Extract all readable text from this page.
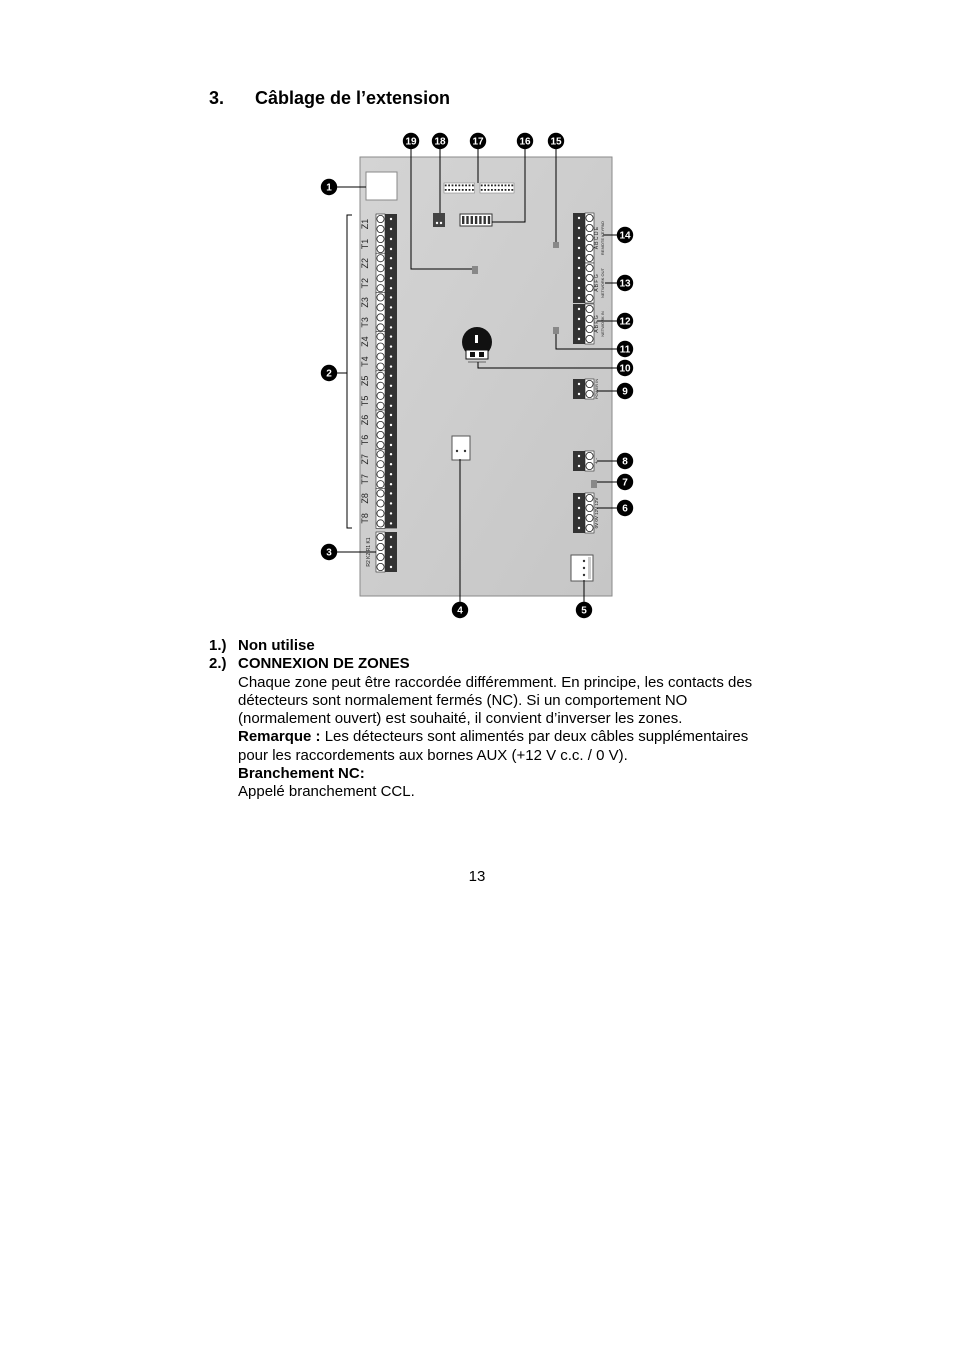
3. Câblage de l’extension
Z1
T1
Z2
T2
Z3
T3
Z4
T4
Z5
T5
Z6
T6
Z7
T7
Z8
T8
R2 K2 R1 K1
A B C D E REMOTE KEYPAD
A B F G NETWORK OUT
A B F G NETWORK IN
POWER IN
+ -
0V 0V 12V 12V
1
2
3
4	5
6
7
8
9
10
11
12
13
14
15
16
17
18
19
1.) Non utilise
2.) CONNEXION DE ZONES
Chaque zone peut être raccordée différemment. En principe, les contacts des détecteurs sont normalement fermés (NC). Si un comportement NO (normalement ouvert) est souhaité, il convient d’inverser les zones.
Remarque : Les détecteurs sont alimentés par deux câbles supplémentaires pour les raccordements aux bornes AUX (+12 V c.c. / 0 V).
Branchement NC:
Appelé branchement CCL.
13
